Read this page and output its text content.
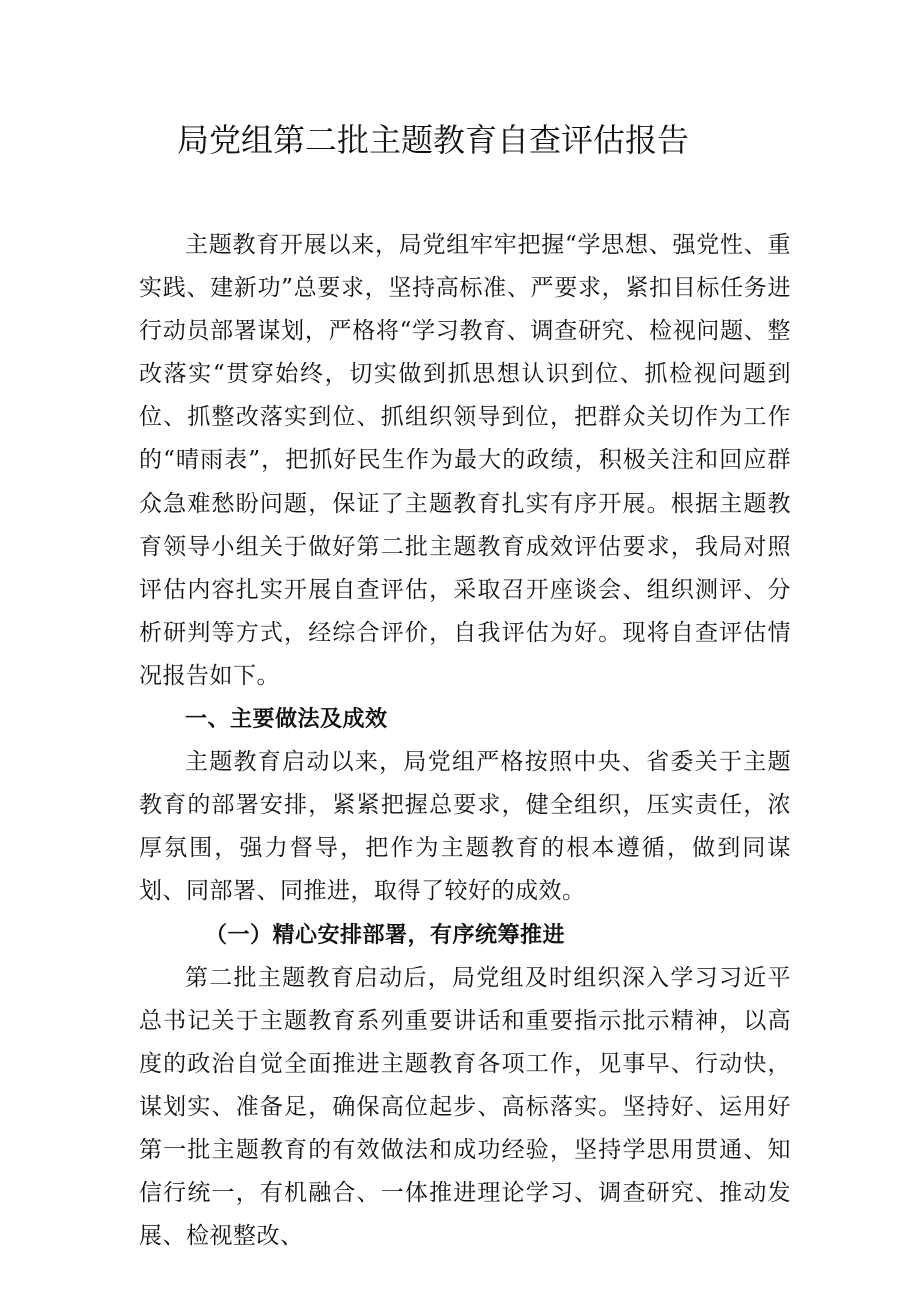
局党组第二批主题教育自查评估报告

主题教育开展以来，局党组牢牢把握“学思想、强党性、重实践、建新功”总要求，坚持高标准、严要求，紧扣目标任务进行动员部署谋划，严格将“学习教育、调查研究、检视问题、整改落实“贯穿始终，切实做到抓思想认识到位、抓检视问题到位、抓整改落实到位、抓组织领导到位，把群众关切作为工作的“晴雨表”，把抓好民生作为最大的政绩，积极关注和回应群众急难愁盼问题，保证了主题教育扎实有序开展。根据主题教育领导小组关于做好第二批主题教育成效评估要求，我局对照评估内容扎实开展自查评估，采取召开座谈会、组织测评、分析研判等方式，经综合评价，自我评估为好。现将自查评估情况报告如下。

一、主要做法及成效

主题教育启动以来，局党组严格按照中央、省委关于主题教育的部署安排，紧紧把握总要求，健全组织，压实责任，浓厚氛围，强力督导，把作为主题教育的根本遵循，做到同谋划、同部署、同推进，取得了较好的成效。

（一）精心安排部署，有序统筹推进

第二批主题教育启动后，局党组及时组织深入学习习近平总书记关于主题教育系列重要讲话和重要指示批示精神，以高度的政治自觉全面推进主题教育各项工作，见事早、行动快，谋划实、准备足，确保高位起步、高标落实。坚持好、运用好第一批主题教育的有效做法和成功经验，坚持学思用贯通、知信行统一，有机融合、一体推进理论学习、调查研究、推动发展、检视整改、
